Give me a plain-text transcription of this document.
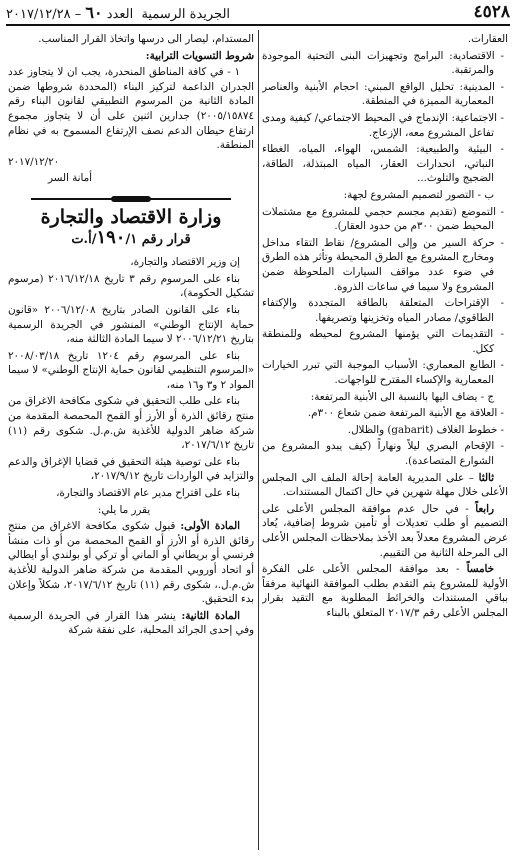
٤٥٢٨
الجريدة الرسمية  العدد ٦٠ – ٢٠١٧/١٢/٢٨

العقارات.

- الاقتصادية: البرامج وتجهيزات البنى التحتية الموجودة والمرتقبة.

- المدينية: تحليل الواقع المبني: احجام الأبنية والعناصر المعمارية المميزة في المنطقة.

- الاجتماعية: الإندماج في المحيط الاجتماعي/ كيفية ومدى تفاعل المشروع معه، الإزعاج.

- البيئية والطبيعية: الشمس، الهواء، المياه، الغطاء النباتي، انحدارات العقار، المياه المبتذلة، الطاقة، الضجيج والتلوث...

ب - التصور لتصميم المشروع لجهة:

- التموضع (تقديم مجسم حجمي للمشروع مع مشتملات المحيط ضمن ٣٠٠م من حدود العقار).

- حركة السير من وإلى المشروع/ نقاط التقاء مداخل ومخارج المشروع مع الطرق المحيطة وتأثر هذه الطرق في ضوء عدد مواقف السيارات الملحوظة ضمن المشروع ولا سيما في ساعات الذروة.

- الإقتراحات المتعلقة بالطاقة المتجددة والإكتفاء الطاقوي/ مصادر المياه وتخزينها وتصريفها.

- التقديمات التي يؤمنها المشروع لمحيطه وللمنطقة ككل.

- الطابع المعماري: الأسباب الموجبة التي تبرر الخيارات المعمارية والإكساء المقترح للواجهات.

ج - يضاف اليها بالنسبة الى الأبنية المرتفعة:

- العلاقة مع الأبنية المرتفعة ضمن شعاع ٣٠٠م.

- خطوط الغلاف (gabarit) والظلال.

- الإقحام البصري ليلاً ونهاراً (كيف يبدو المشروع من الشوارع المتصاعدة).

ثالثا – على المديرية العامة إحالة الملف الى المجلس الأعلى خلال مهلة شهرين في حال اكتمال المستندات.

رابعاً - في حال عدم موافقة المجلس الأعلى على التصميم أو طلب تعديلات أو تأمين شروط إضافية، يُعاد عرض المشروع معدلاً بعد الأخذ بملاحظات المجلس الأعلى الى المرحلة الثانية من التقييم.

خامساً - بعد موافقة المجلس الأعلى على الفكرة الأولية للمشروع يتم التقدم بطلب الموافقة النهائية مرفقاً بباقي المستندات والخرائط المطلوبة مع التقيد بقرار المجلس الأعلى رقم ٢٠١٧/٣ المتعلق بالبناء

المستدام، ليصار الى درسها واتخاذ القرار المناسب.

شروط التسويات الترابية:

١ - في كافة المناطق المنحدرة، يجب ان لا يتجاوز عدد الجدران الداعمة لتركيز البناء (المحددة شروطها ضمن المادة الثانية من المرسوم التطبيقي لقانون البناء رقم ٢٠٠٥/١٥٨٧٤) جدارين اثنين على أن لا يتجاوز مجموع ارتفاع حيطان الدعم نصف الإرتفاع المسموح به في نظام المنطقة.

٢٠١٧/١٢/٢٠

أمانة السر

وزارة الاقتصاد والتجارة
قرار رقم ١٩٠/١/أ.ت

إن وزير الاقتصاد والتجارة،

بناء على المرسوم رقم ٣ تاريخ ٢٠١٦/١٢/١٨ (مرسوم تشكيل الحكومة)،

بناء على القانون الصادر بتاريخ ٢٠٠٦/١٢/٠٨ «قانون حماية الإنتاج الوطني» المنشور في الجريدة الرسمية بتاريخ ٢٠٠٦/١٢/٢١ لا سيما المادة الثالثة منه،

بناء على المرسوم رقم ١٢٠٤ تاريخ ٢٠٠٨/٠٣/١٨ «المرسوم التنظيمي لقانون حماية الإنتاج الوطني» لا سيما المواد ٢ و٣ و١٦ منه،

بناء على طلب التحقيق في شكوى مكافحة الاغراق من منتج رقائق الذرة أو الأرز أو القمح المحمصة المقدمة من شركة ضاهر الدولية للأغذية ش.م.ل. شكوى رقم (١١) تاريخ ٢٠١٧/٦/١٢،

بناء على توصية هيئة التحقيق في قضايا الإغراق والدعم والتزايد في الواردات تاريخ ٢٠١٧/٩/١٢،

بناء على اقتراح مدير عام الاقتصاد والتجارة،

يقرر ما يلي:

المادة الأولى: قبول شكوى مكافحة الاغراق من منتج رقائق الذرة أو الأرز أو القمح المحمصة من أو ذات منشأ فرنسي أو بريطاني أو الماني أو تركي أو بولندي أو ايطالي أو اتحاد أوروبي المقدمة من شركة ضاهر الدولية للأغذية ش.م.ل.، شكوى رقم (١١) تاريخ ٢٠١٧/٦/١٢، شكلاً وإعلان بدء التحقيق.

المادة الثانية: ينشر هذا القرار في الجريدة الرسمية وفي إحدى الجرائد المحلية، على نفقة شركة
